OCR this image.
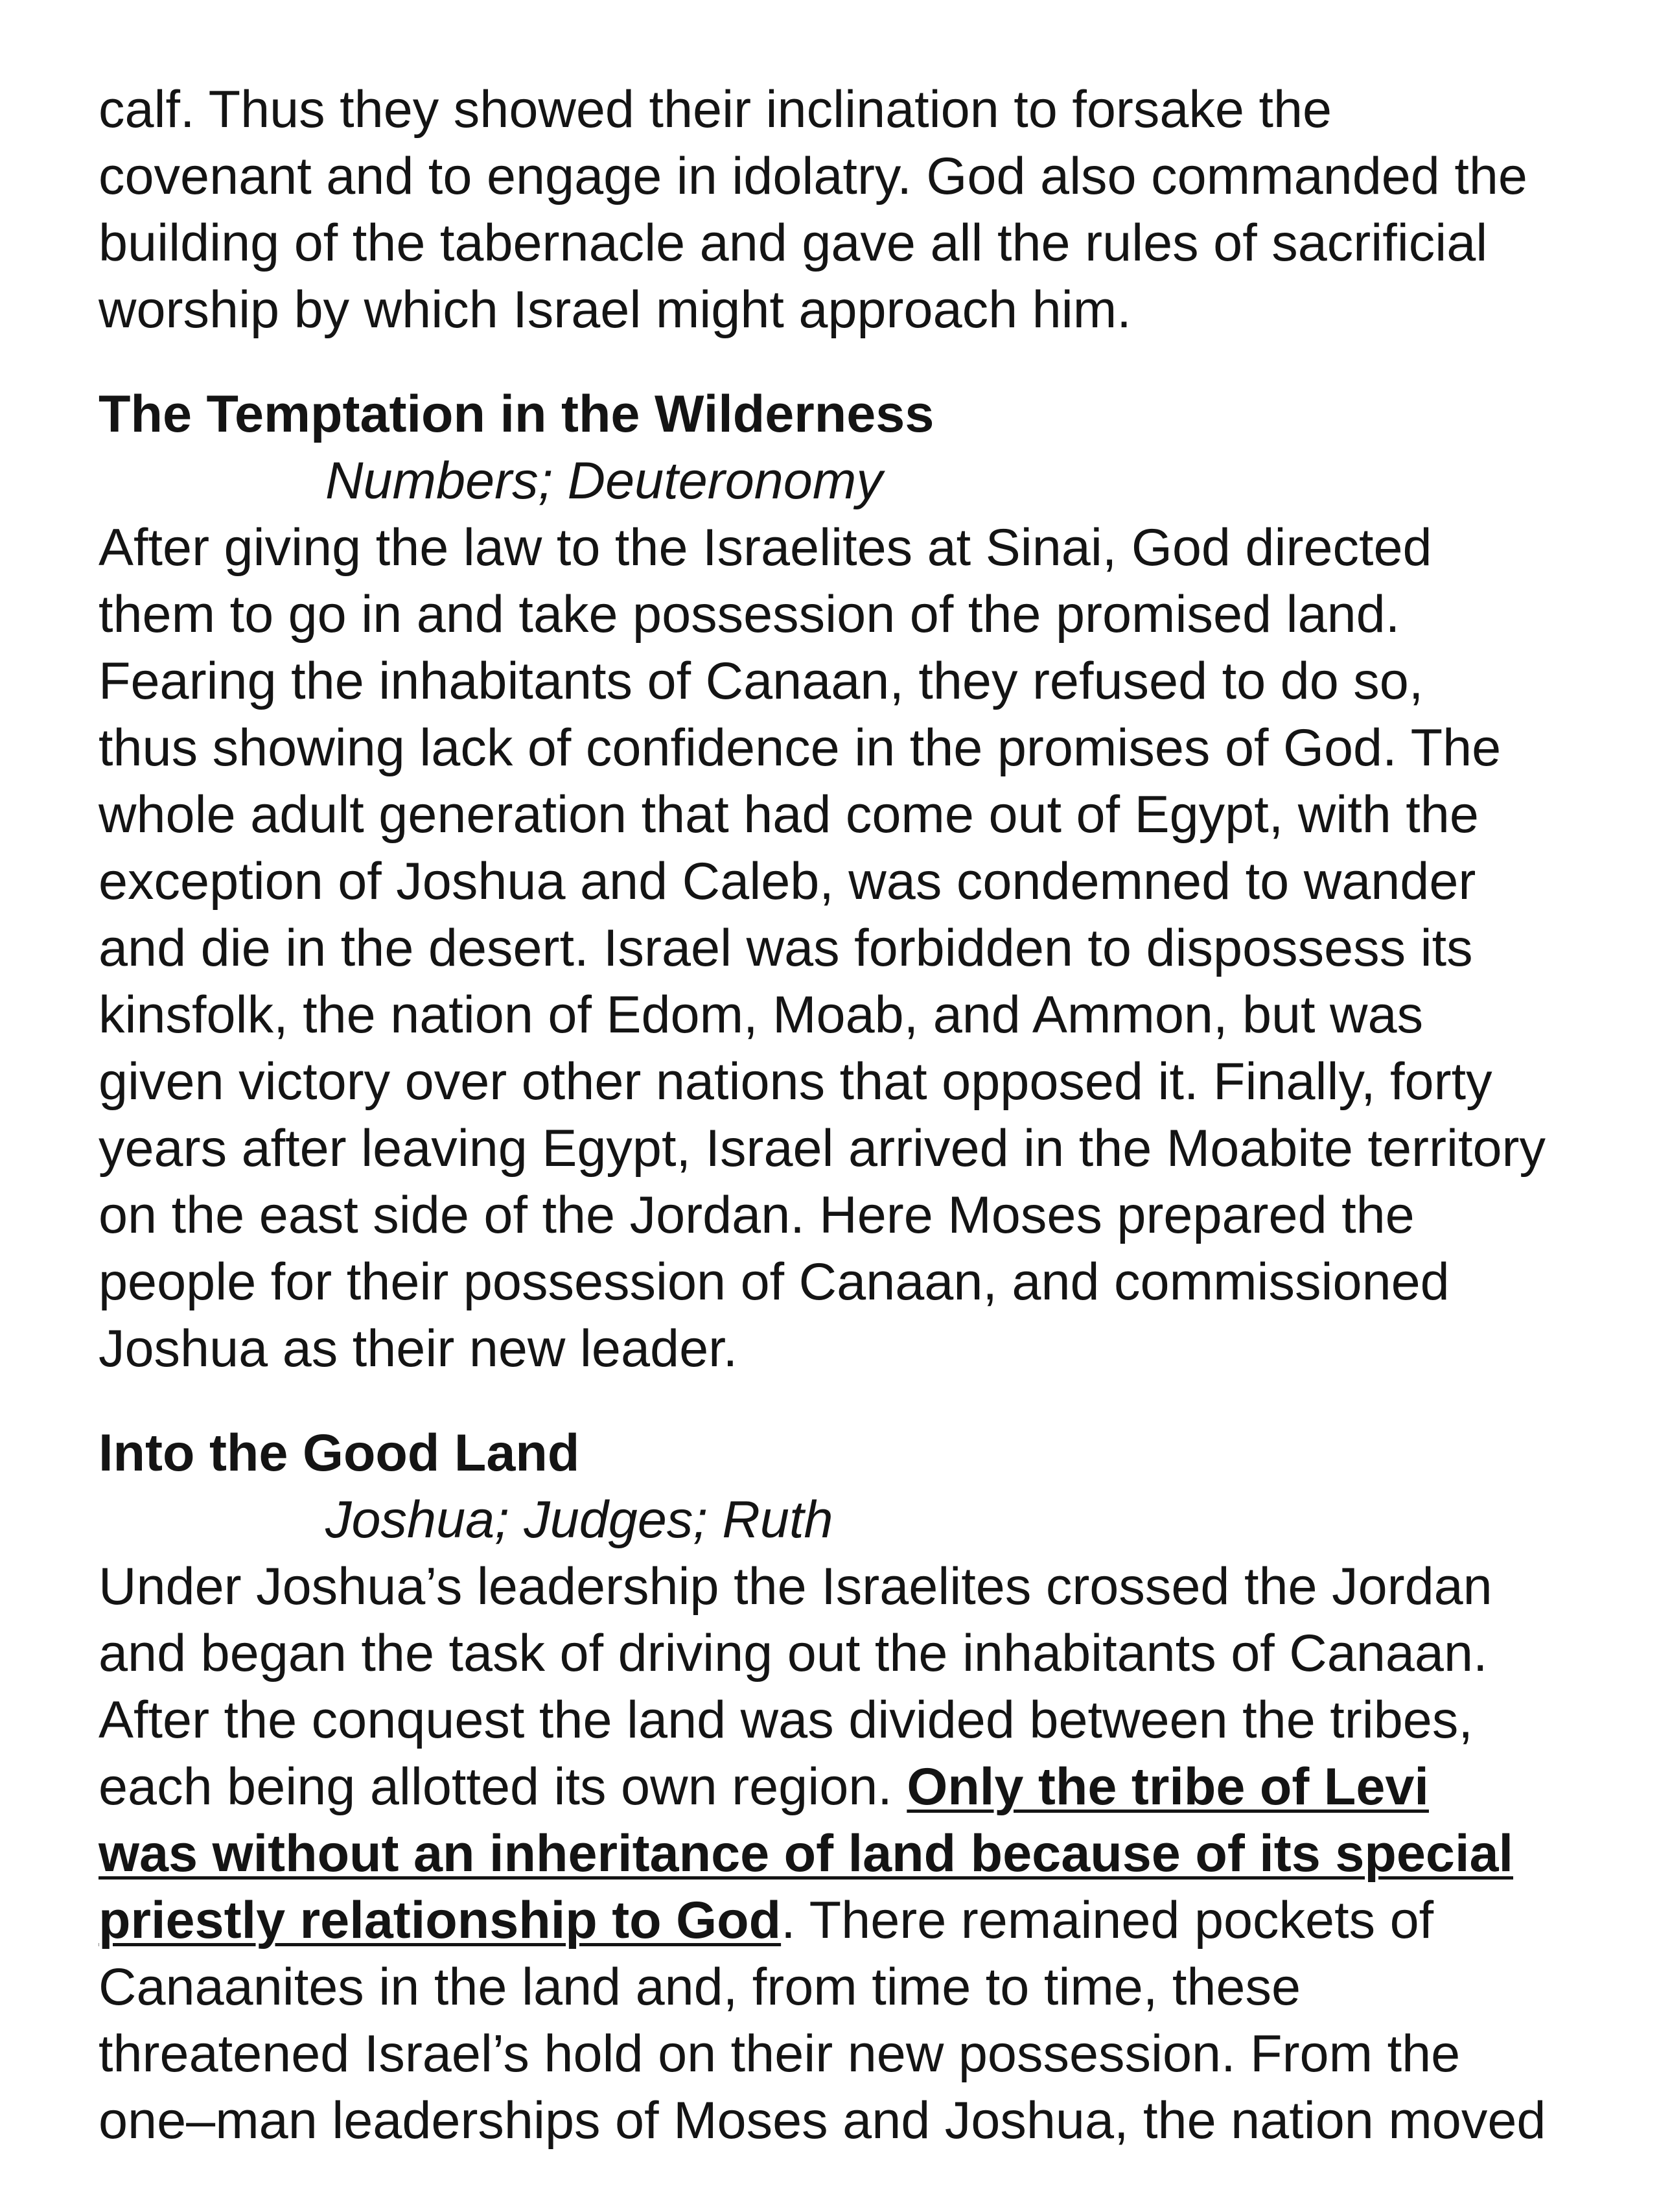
calf. Thus they showed their inclination to forsake the
covenant and to engage in idolatry. God also commanded the
building of the tabernacle and gave all the rules of sacrificial
worship by which Israel might approach him.
The Temptation in the Wilderness
Numbers; Deuteronomy
After giving the law to the Israelites at Sinai, God directed
them to go in and take possession of the promised land.
Fearing the inhabitants of Canaan, they refused to do so,
thus showing lack of confidence in the promises of God. The
whole adult generation that had come out of Egypt, with the
exception of Joshua and Caleb, was condemned to wander
and die in the desert. Israel was forbidden to dispossess its
kinsfolk, the nation of Edom, Moab, and Ammon, but was
given victory over other nations that opposed it. Finally, forty
years after leaving Egypt, Israel arrived in the Moabite territory
on the east side of the Jordan. Here Moses prepared the
people for their possession of Canaan, and commissioned
Joshua as their new leader.
Into the Good Land
Joshua; Judges; Ruth
Under Joshua’s leadership the Israelites crossed the Jordan
and began the task of driving out the inhabitants of Canaan.
After the conquest the land was divided between the tribes,
each being allotted its own region. Only the tribe of Levi
was without an inheritance of land because of its special
priestly relationship to God. There remained pockets of
Canaanites in the land and, from time to time, these
threatened Israel’s hold on their new possession. From the
one–man leaderships of Moses and Joshua, the nation moved
